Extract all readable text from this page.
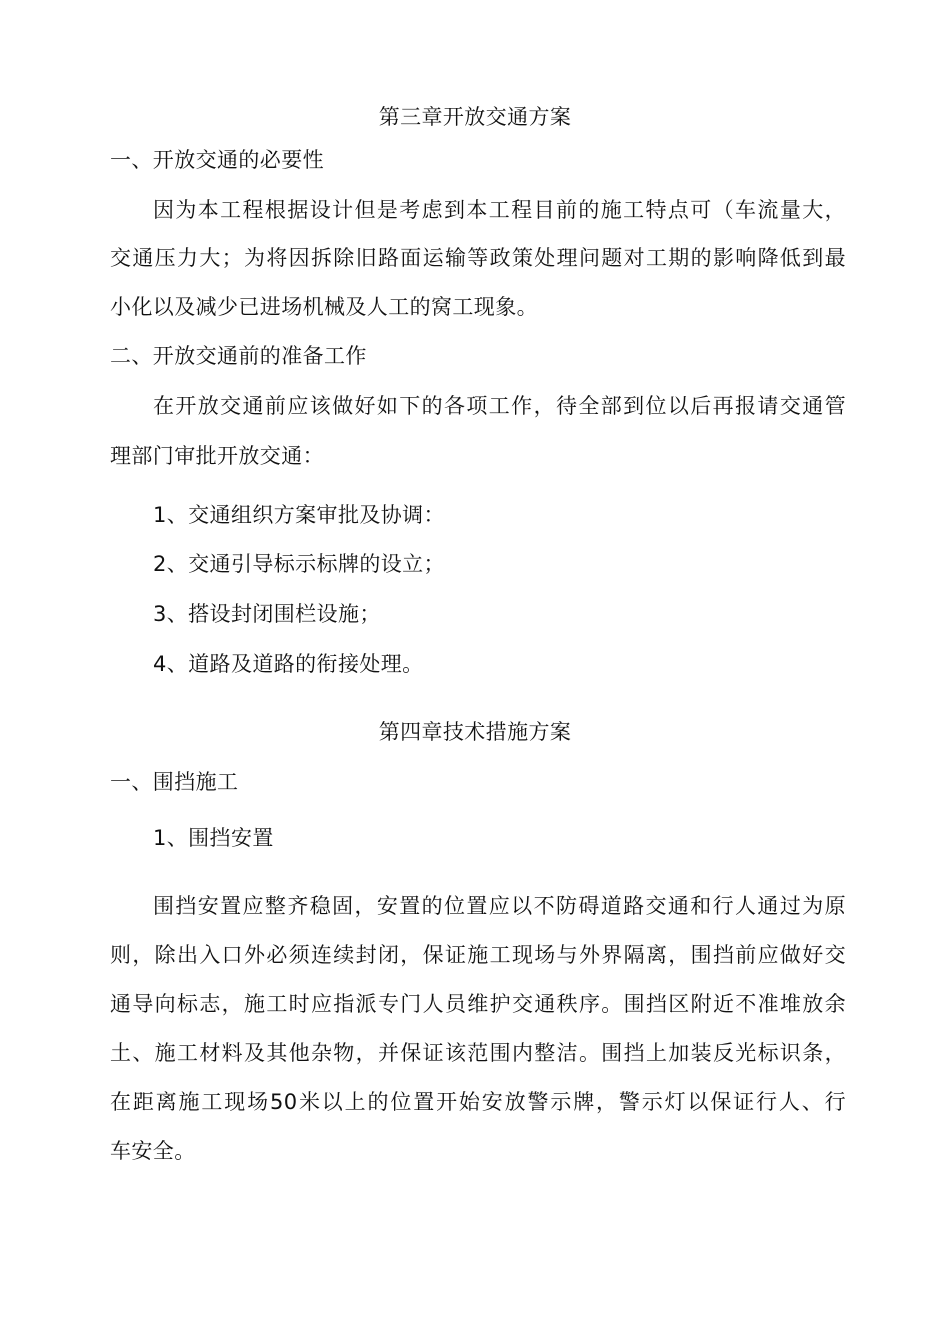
第三章开放交通方案
一、开放交通的必要性
因为本工程根据设计但是考虑到本工程目前的施工特点可（车流量大，
交通压力大；为将因拆除旧路面运输等政策处理问题对工期的影响降低到最
小化以及减少已进场机械及人工的窝工现象。
二、开放交通前的准备工作
在开放交通前应该做好如下的各项工作，待全部到位以后再报请交通管
理部门审批开放交通：
1、交通组织方案审批及协调：
2、交通引导标示标牌的设立；
3、搭设封闭围栏设施；
4、道路及道路的衔接处理。
第四章技术措施方案
一、围挡施工
1、围挡安置
围挡安置应整齐稳固，安置的位置应以不防碍道路交通和行人通过为原
则，除出入口外必须连续封闭，保证施工现场与外界隔离，围挡前应做好交
通导向标志，施工时应指派专门人员维护交通秩序。围挡区附近不准堆放余
土、施工材料及其他杂物，并保证该范围内整洁。围挡上加装反光标识条，
在距离施工现场50米以上的位置开始安放警示牌，警示灯以保证行人、行
车安全。
